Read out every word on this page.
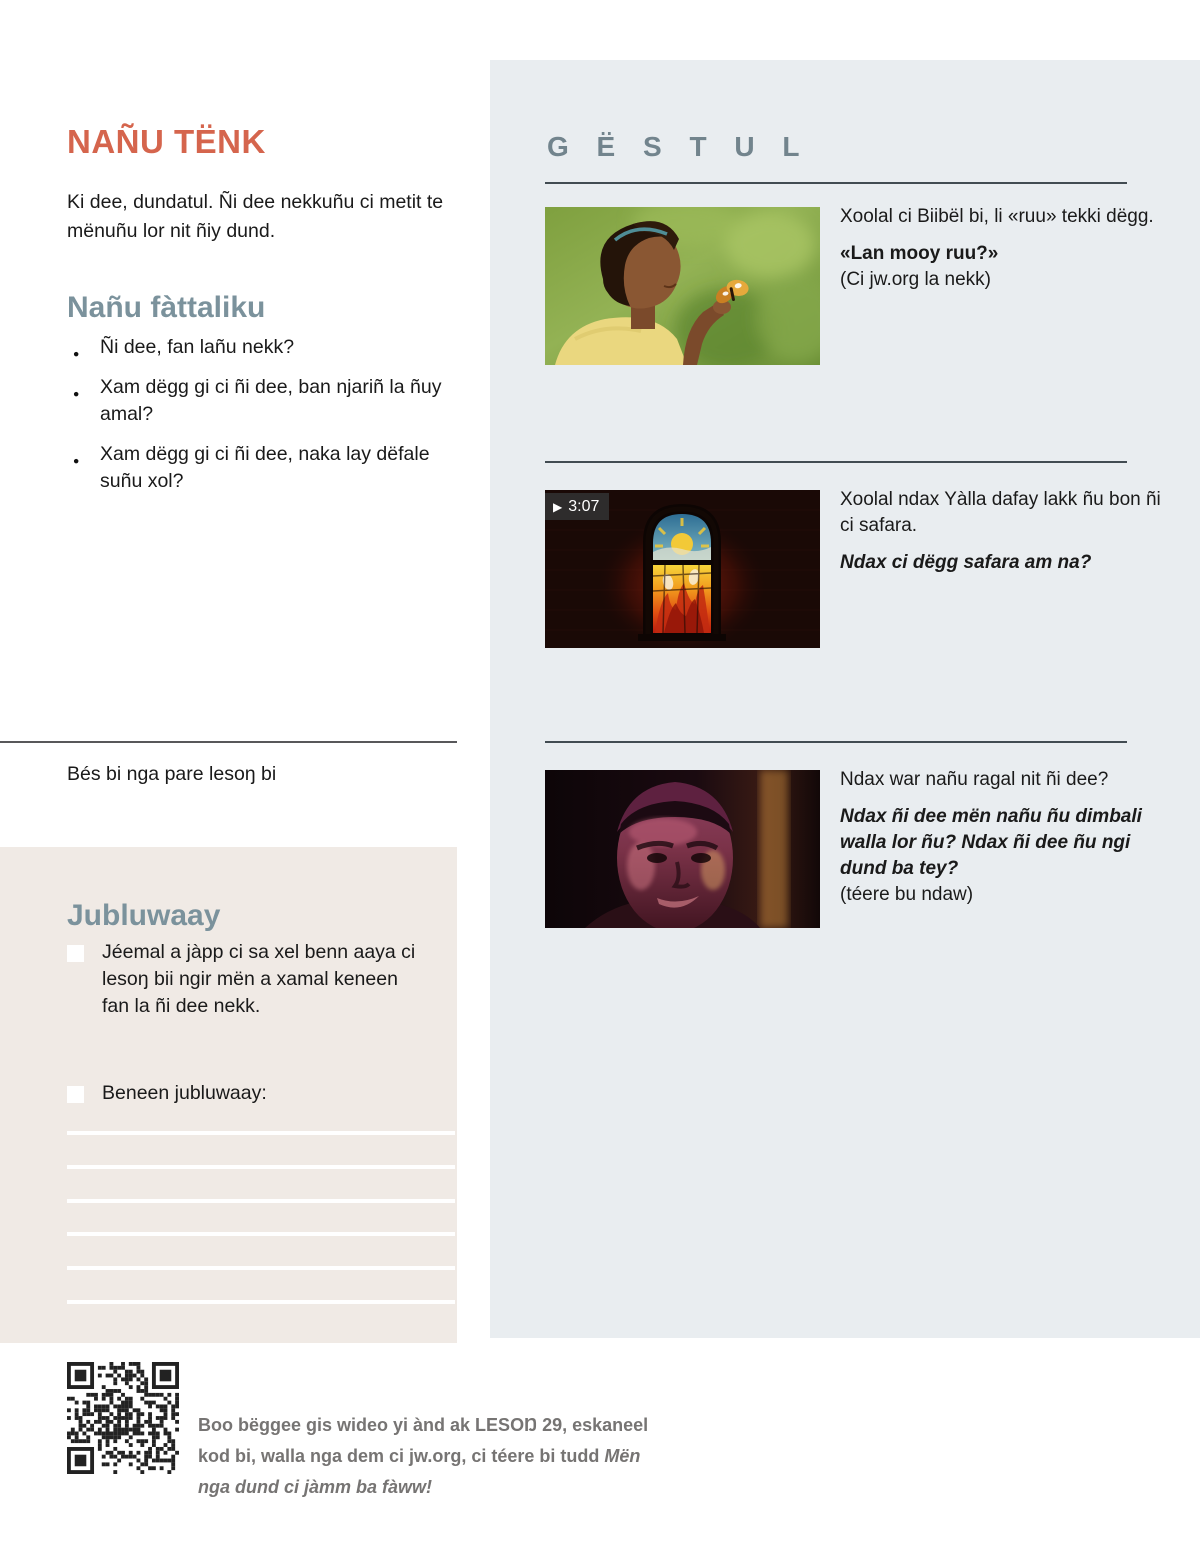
NAÑU TËNK

Ki dee, dundatul. Ñi dee nekkuñu ci metit te mënuñu lor nit ñiy dund.

Nañu fàttaliku
● Ñi dee, fan lañu nekk?
● Xam dëgg gi ci ñi dee, ban njariñ la ñuy amal?
● Xam dëgg gi ci ñi dee, naka lay dëfale suñu xol?

Bés bi nga pare lesoŋ bi

Jubluwaay

Jéemal a jàpp ci sa xel benn aaya ci lesoŋ bii ngir mën a xamal keneen fan la ñi dee nekk.

Beneen jubluwaay:

G Ë S T U L

Xoolal ci Biibël bi, li «ruu» tekki dëgg.

«Lan mooy ruu?»

(Ci jw.org la nekk)

▶ 3:07	Xoolal ndax Yàlla dafay lakk ñu bon ñi ci safara.

Ndax ci dëgg safara am na?

Ndax war nañu ragal nit ñi dee?

Ndax ñi dee mën nañu ñu dimbali walla lor ñu? Ndax ñi dee ñu ngi dund ba tey?

(téere bu ndaw)

Boo bëggee gis wideo yi ànd ak LESOŊ 29, eskaneel kod bi, walla nga dem ci jw.org, ci téere bi tudd Mën nga dund ci jàmm ba fàww!
